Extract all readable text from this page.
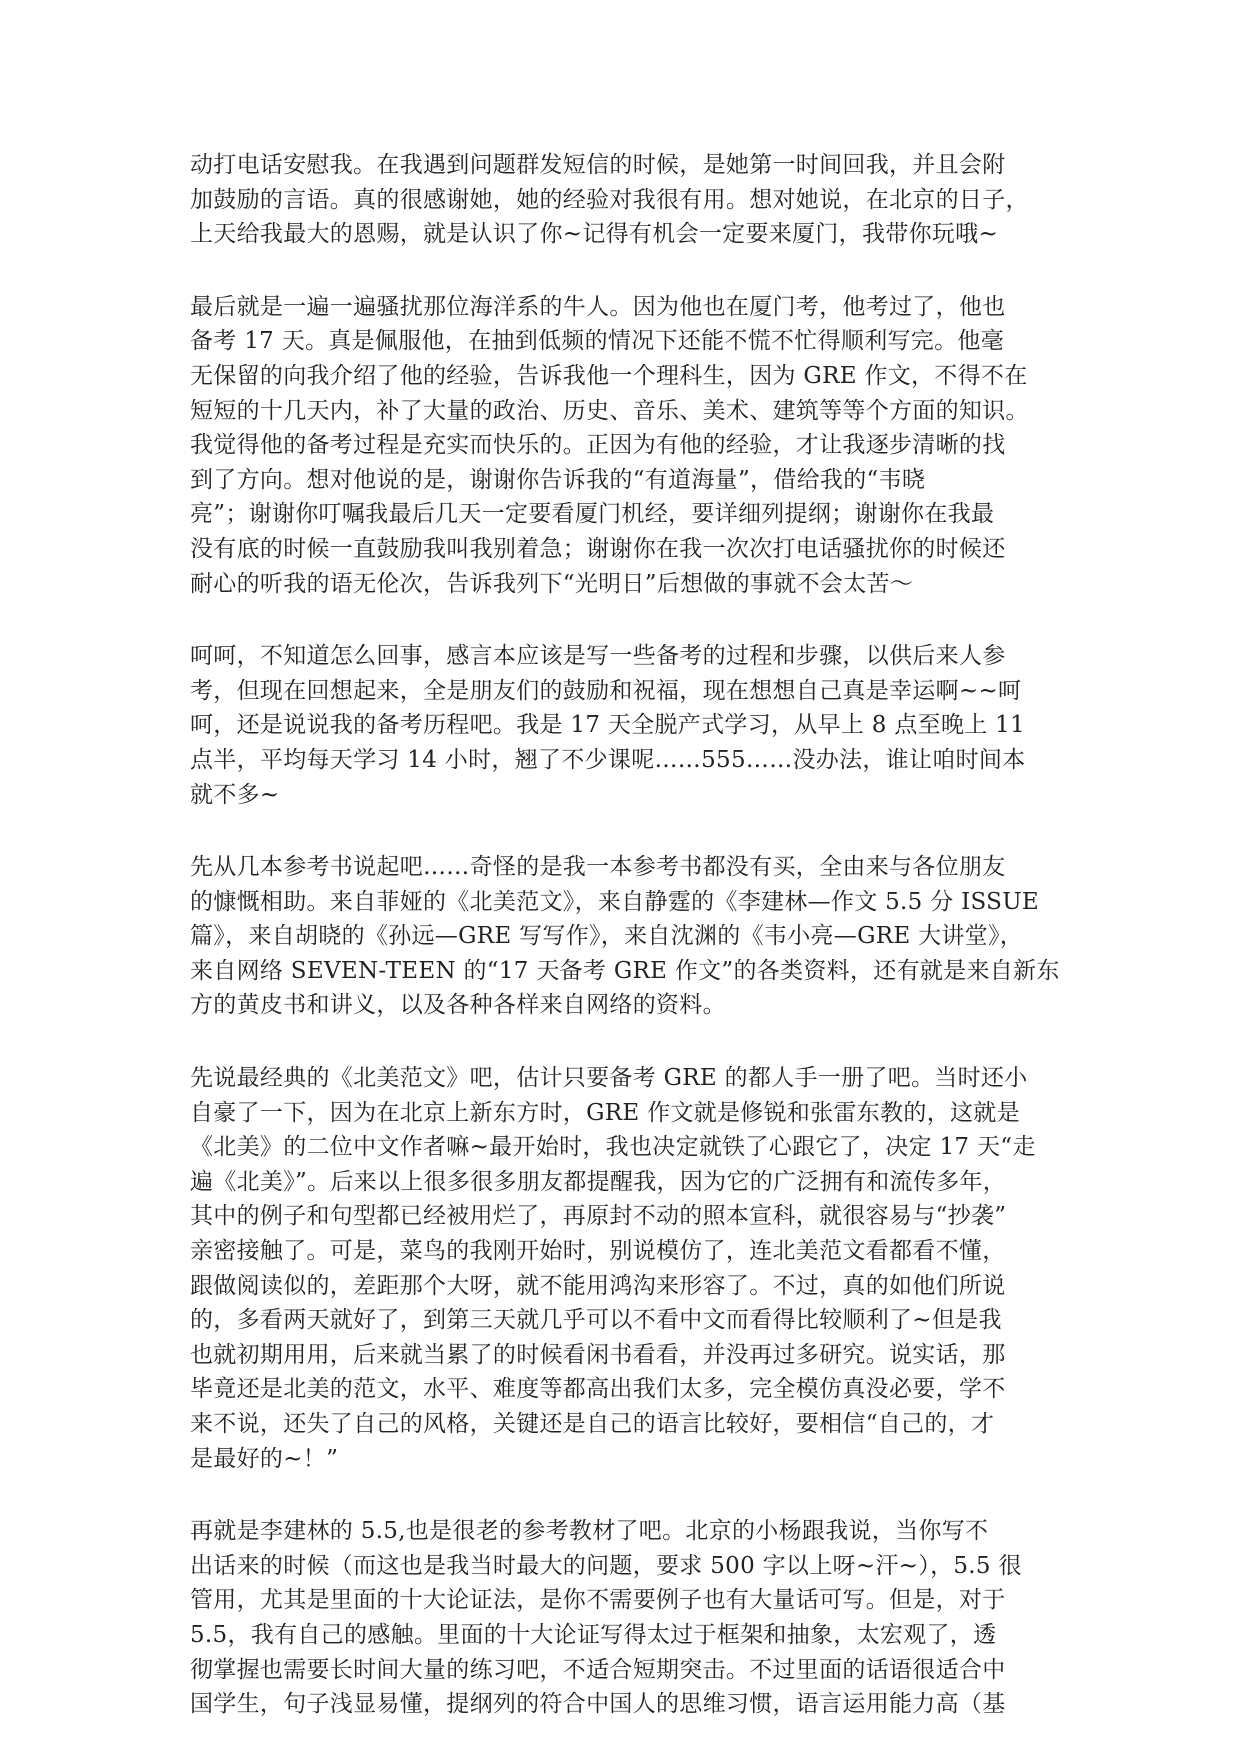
动打电话安慰我。在我遇到问题群发短信的时候，是她第一时间回我，并且会附
加鼓励的言语。真的很感谢她，她的经验对我很有用。想对她说，在北京的日子，
上天给我最大的恩赐，就是认识了你~记得有机会一定要来厦门，我带你玩哦~
最后就是一遍一遍骚扰那位海洋系的牛人。因为他也在厦门考，他考过了，他也
备考 17 天。真是佩服他，在抽到低频的情况下还能不慌不忙得顺利写完。他毫
无保留的向我介绍了他的经验，告诉我他一个理科生，因为 GRE 作文，不得不在
短短的十几天内，补了大量的政治、历史、音乐、美术、建筑等等个方面的知识。
我觉得他的备考过程是充实而快乐的。正因为有他的经验，才让我逐步清晰的找
到了方向。想对他说的是，谢谢你告诉我的“有道海量”，借给我的“韦晓
亮”；谢谢你叮嘱我最后几天一定要看厦门机经，要详细列提纲；谢谢你在我最
没有底的时候一直鼓励我叫我别着急；谢谢你在我一次次打电话骚扰你的时候还
耐心的听我的语无伦次，告诉我列下“光明日”后想做的事就不会太苦～
呵呵，不知道怎么回事，感言本应该是写一些备考的过程和步骤，以供后来人参
考，但现在回想起来，全是朋友们的鼓励和祝福，现在想想自己真是幸运啊~~呵
呵，还是说说我的备考历程吧。我是 17 天全脱产式学习，从早上 8 点至晚上 11
点半，平均每天学习 14 小时，翘了不少课呢……555……没办法，谁让咱时间本
就不多~
先从几本参考书说起吧……奇怪的是我一本参考书都没有买，全由来与各位朋友
的慷慨相助。来自菲娅的《北美范文》，来自静霆的《李建林—作文 5.5 分 ISSUE
篇》，来自胡晓的《孙远—GRE 写写作》，来自沈渊的《韦小亮—GRE 大讲堂》，
来自网络 SEVEN-TEEN 的“17 天备考 GRE 作文”的各类资料，还有就是来自新东
方的黄皮书和讲义，以及各种各样来自网络的资料。
先说最经典的《北美范文》吧，估计只要备考 GRE 的都人手一册了吧。当时还小
自豪了一下，因为在北京上新东方时，GRE 作文就是修锐和张雷东教的，这就是
《北美》的二位中文作者嘛~最开始时，我也决定就铁了心跟它了，决定 17 天“走
遍《北美》”。后来以上很多很多朋友都提醒我，因为它的广泛拥有和流传多年，
其中的例子和句型都已经被用烂了，再原封不动的照本宣科，就很容易与“抄袭”
亲密接触了。可是，菜鸟的我刚开始时，别说模仿了，连北美范文看都看不懂，
跟做阅读似的，差距那个大呀，就不能用鸿沟来形容了。不过，真的如他们所说
的，多看两天就好了，到第三天就几乎可以不看中文而看得比较顺利了~但是我
也就初期用用，后来就当累了的时候看闲书看看，并没再过多研究。说实话，那
毕竟还是北美的范文，水平、难度等都高出我们太多，完全模仿真没必要，学不
来不说，还失了自己的风格，关键还是自己的语言比较好，要相信“自己的，才
是最好的~！”
再就是李建林的 5.5,也是很老的参考教材了吧。北京的小杨跟我说，当你写不
出话来的时候（而这也是我当时最大的问题，要求 500 字以上呀~汗~），5.5 很
管用，尤其是里面的十大论证法，是你不需要例子也有大量话可写。但是，对于
5.5，我有自己的感触。里面的十大论证写得太过于框架和抽象，太宏观了，透
彻掌握也需要长时间大量的练习吧，不适合短期突击。不过里面的话语很适合中
国学生，句子浅显易懂，提纲列的符合中国人的思维习惯，语言运用能力高（基
